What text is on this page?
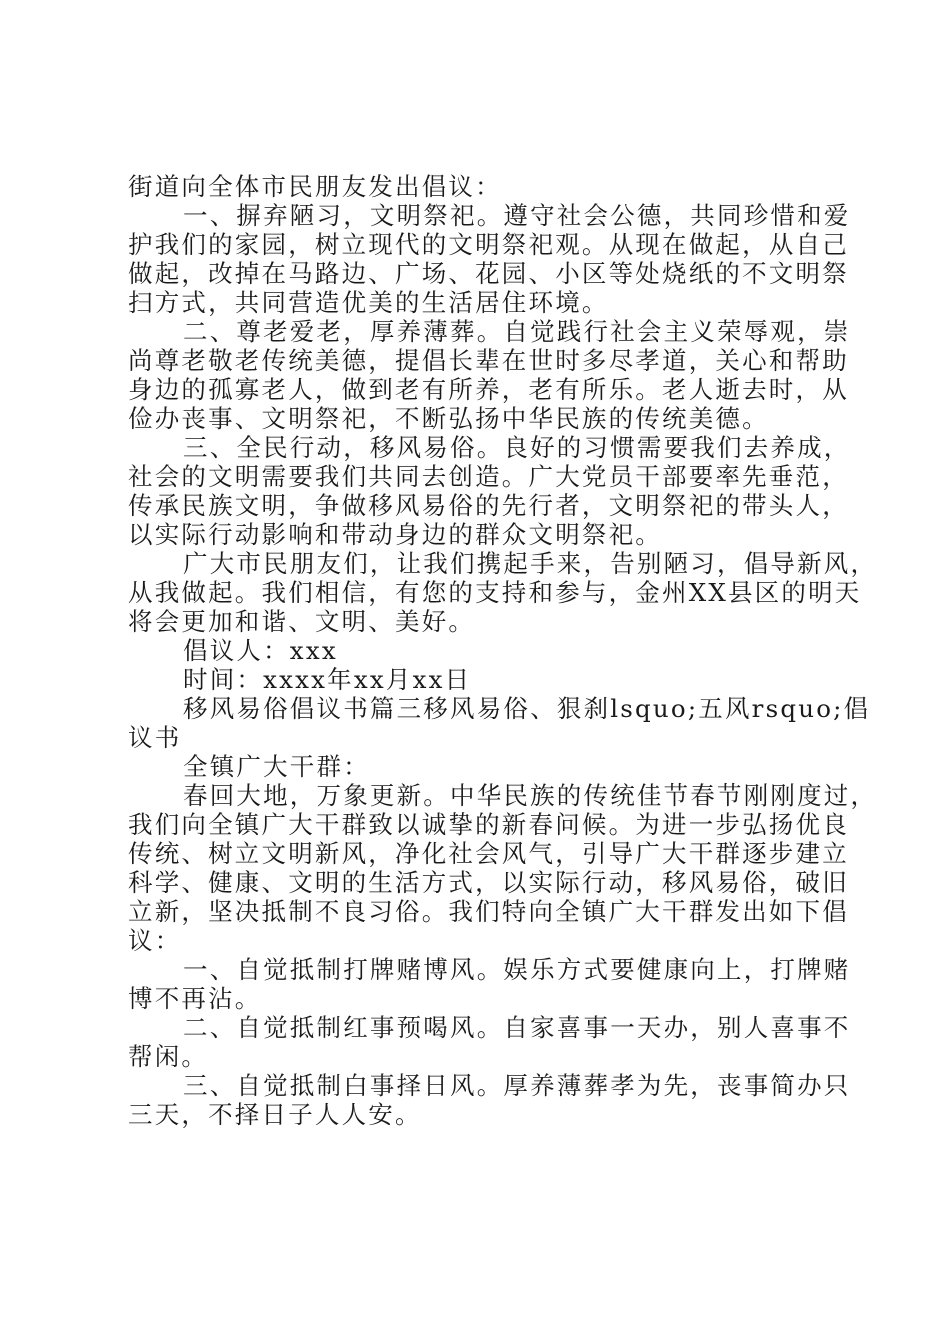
街道向全体市民朋友发出倡议：
一、摒弃陋习，文明祭祀。遵守社会公德，共同珍惜和爱
护我们的家园，树立现代的文明祭祀观。从现在做起，从自己
做起，改掉在马路边、广场、花园、小区等处烧纸的不文明祭
扫方式，共同营造优美的生活居住环境。
二、尊老爱老，厚养薄葬。自觉践行社会主义荣辱观，崇
尚尊老敬老传统美德，提倡长辈在世时多尽孝道，关心和帮助
身边的孤寡老人，做到老有所养，老有所乐。老人逝去时，从
俭办丧事、文明祭祀，不断弘扬中华民族的传统美德。
三、全民行动，移风易俗。良好的习惯需要我们去养成，
社会的文明需要我们共同去创造。广大党员干部要率先垂范，
传承民族文明，争做移风易俗的先行者，文明祭祀的带头人，
以实际行动影响和带动身边的群众文明祭祀。
广大市民朋友们，让我们携起手来，告别陋习，倡导新风，
从我做起。我们相信，有您的支持和参与，金州XX县区的明天
将会更加和谐、文明、美好。
倡议人：xxx
时间：xxxx年xx月xx日
移风易俗倡议书篇三移风易俗、狠刹lsquo;五风rsquo;倡
议书
全镇广大干群：
春回大地，万象更新。中华民族的传统佳节春节刚刚度过，
我们向全镇广大干群致以诚挚的新春问候。为进一步弘扬优良
传统、树立文明新风，净化社会风气，引导广大干群逐步建立
科学、健康、文明的生活方式，以实际行动，移风易俗，破旧
立新，坚决抵制不良习俗。我们特向全镇广大干群发出如下倡
议：
一、自觉抵制打牌赌博风。娱乐方式要健康向上，打牌赌
博不再沾。
二、自觉抵制红事预喝风。自家喜事一天办，别人喜事不
帮闲。
三、自觉抵制白事择日风。厚养薄葬孝为先，丧事简办只
三天，不择日子人人安。
